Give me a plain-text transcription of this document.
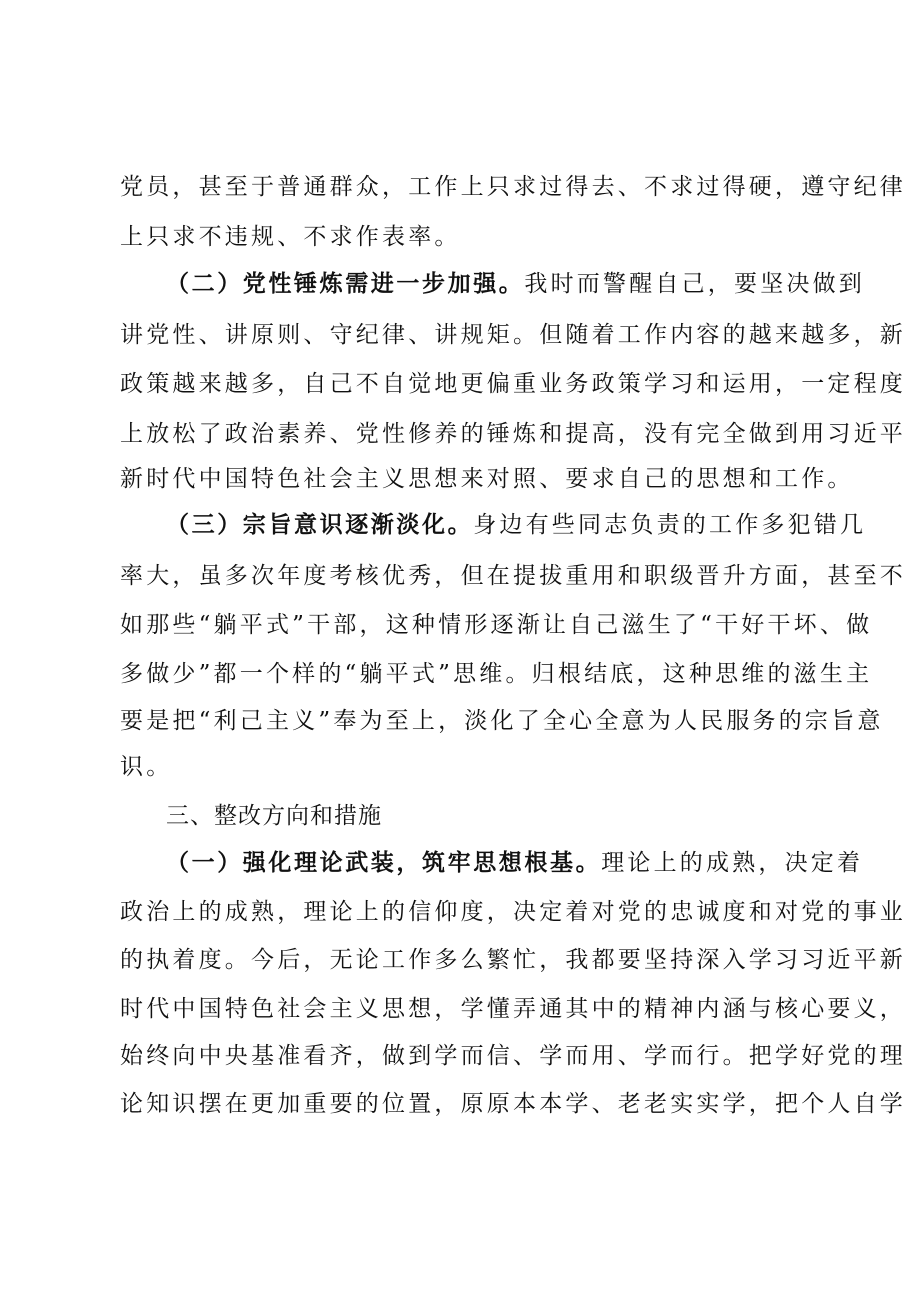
党员，甚至于普通群众，工作上只求过得去、不求过得硬，遵守纪律
上只求不违规、不求作表率。
（二）党性锤炼需进一步加强。我时而警醒自己，要坚决做到
讲党性、讲原则、守纪律、讲规矩。但随着工作内容的越来越多，新
政策越来越多，自己不自觉地更偏重业务政策学习和运用，一定程度
上放松了政治素养、党性修养的锤炼和提高，没有完全做到用习近平
新时代中国特色社会主义思想来对照、要求自己的思想和工作。
（三）宗旨意识逐渐淡化。身边有些同志负责的工作多犯错几
率大，虽多次年度考核优秀，但在提拔重用和职级晋升方面，甚至不
如那些“躺平式”干部，这种情形逐渐让自己滋生了“干好干坏、做
多做少”都一个样的“躺平式”思维。归根结底，这种思维的滋生主
要是把“利己主义”奉为至上，淡化了全心全意为人民服务的宗旨意
识。
三、整改方向和措施
（一）强化理论武装，筑牢思想根基。理论上的成熟，决定着
政治上的成熟，理论上的信仰度，决定着对党的忠诚度和对党的事业
的执着度。今后，无论工作多么繁忙，我都要坚持深入学习习近平新
时代中国特色社会主义思想，学懂弄通其中的精神内涵与核心要义，
始终向中央基准看齐，做到学而信、学而用、学而行。把学好党的理
论知识摆在更加重要的位置，原原本本学、老老实实学，把个人自学
